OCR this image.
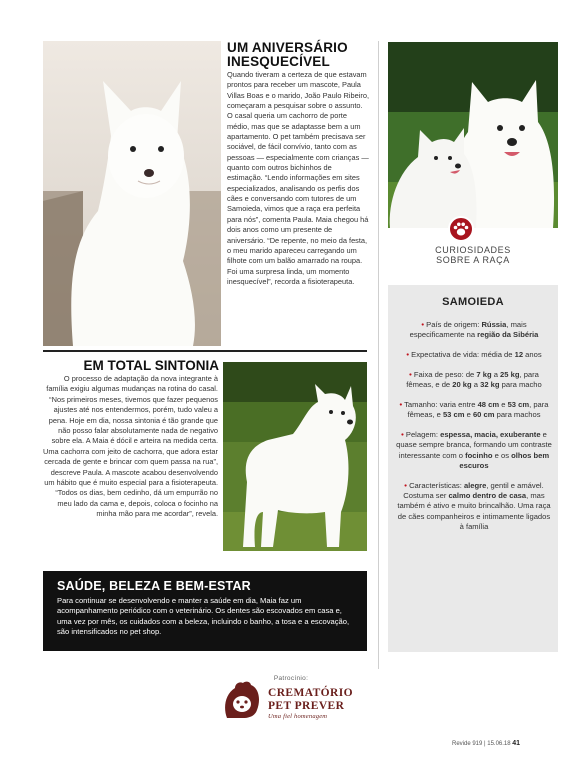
UM ANIVERSÁRIO INESQUECÍVEL
Quando tiveram a certeza de que estavam prontos para receber um mascote, Paula Villas Boas e o marido, João Paulo Ribeiro, começaram a pesquisar sobre o assunto. O casal queria um cachorro de porte médio, mas que se adaptasse bem a um apartamento. O pet também precisava ser sociável, de fácil convívio, tanto com as pessoas — especialmente com crianças — quanto com outros bichinhos de estimação. “Lendo informações em sites especializados, analisando os perfis dos cães e conversando com tutores de um Samoieda, vimos que a raça era perfeita para nós”, comenta Paula. Maia chegou há dois anos como um presente de aniversário. “De repente, no meio da festa, o meu marido apareceu carregando um filhote com um balão amarrado na roupa. Foi uma surpresa linda, um momento inesquecível”, recorda a fisioterapeuta.
EM TOTAL SINTONIA
O processo de adaptação da nova integrante à família exigiu algumas mudanças na rotina do casal. “Nos primeiros meses, tivemos que fazer pequenos ajustes até nos entendermos, porém, tudo valeu a pena. Hoje em dia, nossa sintonia é tão grande que não posso falar absolutamente nada de negativo sobre ela. A Maia é dócil e arteira na medida certa. Uma cachorra com jeito de cachorra, que adora estar cercada de gente e brincar com quem passa na rua”, descreve Paula. A mascote acabou desenvolvendo um hábito que é muito especial para a fisioterapeuta. “Todos os dias, bem cedinho, dá um empurrão no meu lado da cama e, depois, coloca o focinho na minha mão para me acordar”, revela.
SAÚDE, BELEZA E BEM-ESTAR
Para continuar se desenvolvendo e manter a saúde em dia, Maia faz um acompanhamento periódico com o veterinário. Os dentes são escovados em casa e, uma vez por mês, os cuidados com a beleza, incluindo o banho, a tosa e a escovação, são intensificados no pet shop.
CURIOSIDADES
SOBRE A RAÇA
SAMOIEDA
• País de origem: Rússia, mais especificamente na região da Sibéria
• Expectativa de vida: média de 12 anos
• Faixa de peso: de 7 kg a 25 kg, para fêmeas, e de 20 kg a 32 kg para macho
• Tamanho: varia entre 48 cm e 53 cm, para fêmeas, e 53 cm e 60 cm para machos
• Pelagem: espessa, macia, exuberante e quase sempre branca, formando um contraste interessante com o focinho e os olhos bem escuros
• Características: alegre, gentil e amável. Costuma ser calmo dentro de casa, mas também é ativo e muito brincalhão. Uma raça de cães companheiros e intimamente ligados à família
Patrocínio:
CREMATÓRIO
PET PREVER
Uma fiel homenagem
Revide 919 | 15.06.18 41
